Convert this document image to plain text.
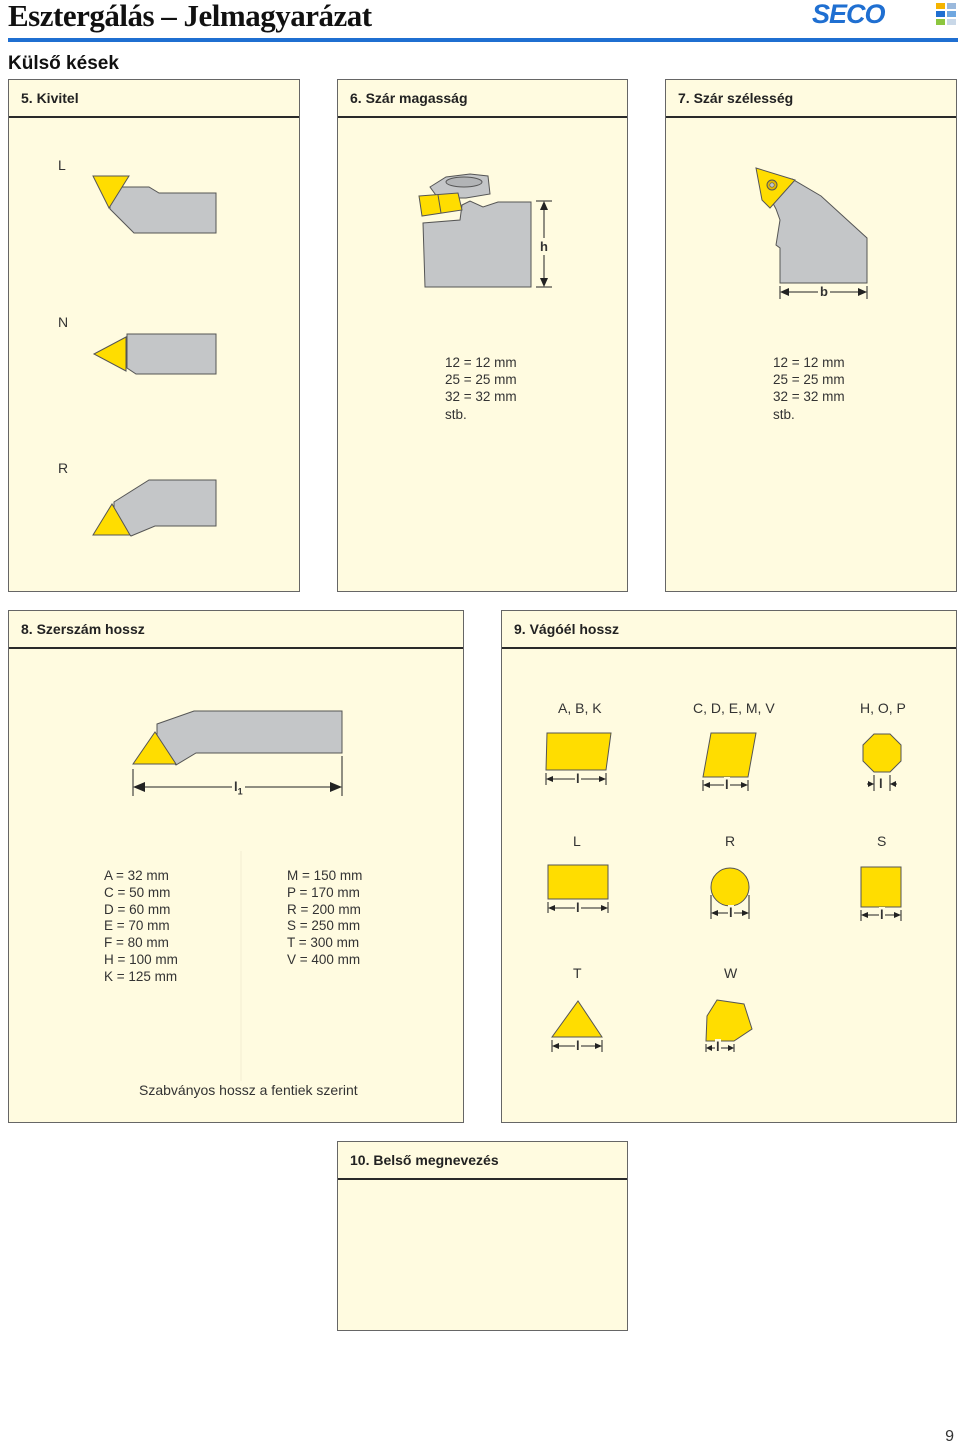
Esztergálás – Jelmagyarázat	SECO
Külső kések
5. Kivitel
L
N
R
6. Szár magasság
h
12 = 12 mm
25 = 25 mm
32 = 32 mm
stb.
7. Szár szélesség
b
12 = 12 mm
25 = 25 mm
32 = 32 mm
stb.
8. Szerszám hossz
$l_1$
A = 32 mm
C = 50 mm
D = 60 mm
E = 70 mm
F = 80 mm
H = 100 mm
K = 125 mm
M = 150 mm
P = 170 mm
R = 200 mm
S = 250 mm
T = 300 mm
V = 400 mm
Szabványos hossz a fentiek szerint
9. Vágóél hossz
A, B, K	C, D, E, M, V	H, O, P
L	R	S
T	W
l	l	l
l	l	l
l	l
10. Belső megnevezés
9
